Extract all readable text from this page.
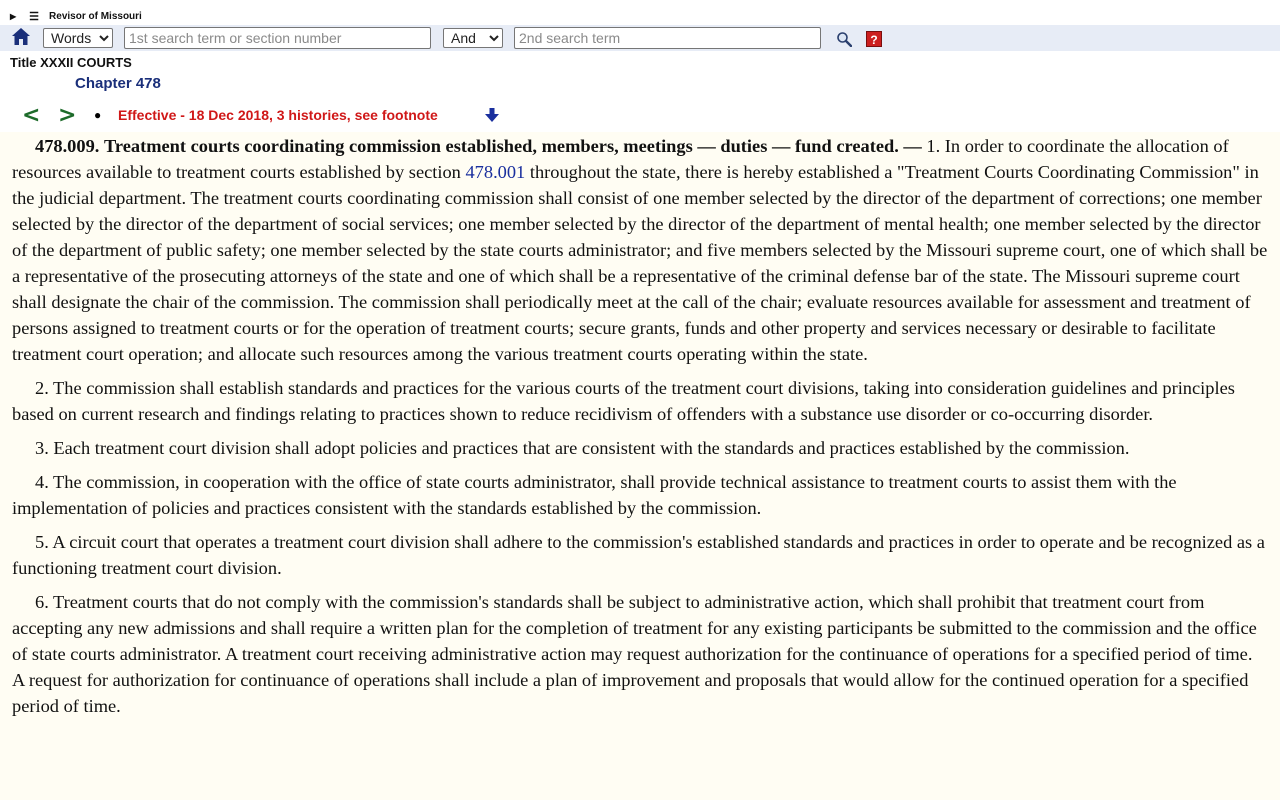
▶ ☰ Revisor of Missouri
Words
1st search term or section number
And
2nd search term
?
Title XXXII COURTS
Chapter 478
< >	●	Effective - 18 Dec 2018, 3 histories, see footnote

478.009. Treatment courts coordinating commission established, members, meetings — duties — fund created. — 1. In order to coordinate the allocation of resources available to treatment courts established by section 478.001 throughout the state, there is hereby established a "Treatment Courts Coordinating Commission" in the judicial department. The treatment courts coordinating commission shall consist of one member selected by the director of the department of corrections; one member selected by the director of the department of social services; one member selected by the director of the department of mental health; one member selected by the director of the department of public safety; one member selected by the state courts administrator; and five members selected by the Missouri supreme court, one of which shall be a representative of the prosecuting attorneys of the state and one of which shall be a representative of the criminal defense bar of the state. The Missouri supreme court shall designate the chair of the commission. The commission shall periodically meet at the call of the chair; evaluate resources available for assessment and treatment of persons assigned to treatment courts or for the operation of treatment courts; secure grants, funds and other property and services necessary or desirable to facilitate treatment court operation; and allocate such resources among the various treatment courts operating within the state.

2. The commission shall establish standards and practices for the various courts of the treatment court divisions, taking into consideration guidelines and principles based on current research and findings relating to practices shown to reduce recidivism of offenders with a substance use disorder or co-occurring disorder.

3. Each treatment court division shall adopt policies and practices that are consistent with the standards and practices established by the commission.

4. The commission, in cooperation with the office of state courts administrator, shall provide technical assistance to treatment courts to assist them with the implementation of policies and practices consistent with the standards established by the commission.

5. A circuit court that operates a treatment court division shall adhere to the commission's established standards and practices in order to operate and be recognized as a functioning treatment court division.

6. Treatment courts that do not comply with the commission's standards shall be subject to administrative action, which shall prohibit that treatment court from accepting any new admissions and shall require a written plan for the completion of treatment for any existing participants be submitted to the commission and the office of state courts administrator. A treatment court receiving administrative action may request authorization for the continuance of operations for a specified period of time. A request for authorization for continuance of operations shall include a plan of improvement and proposals that would allow for the continued operation for a specified period of time.
